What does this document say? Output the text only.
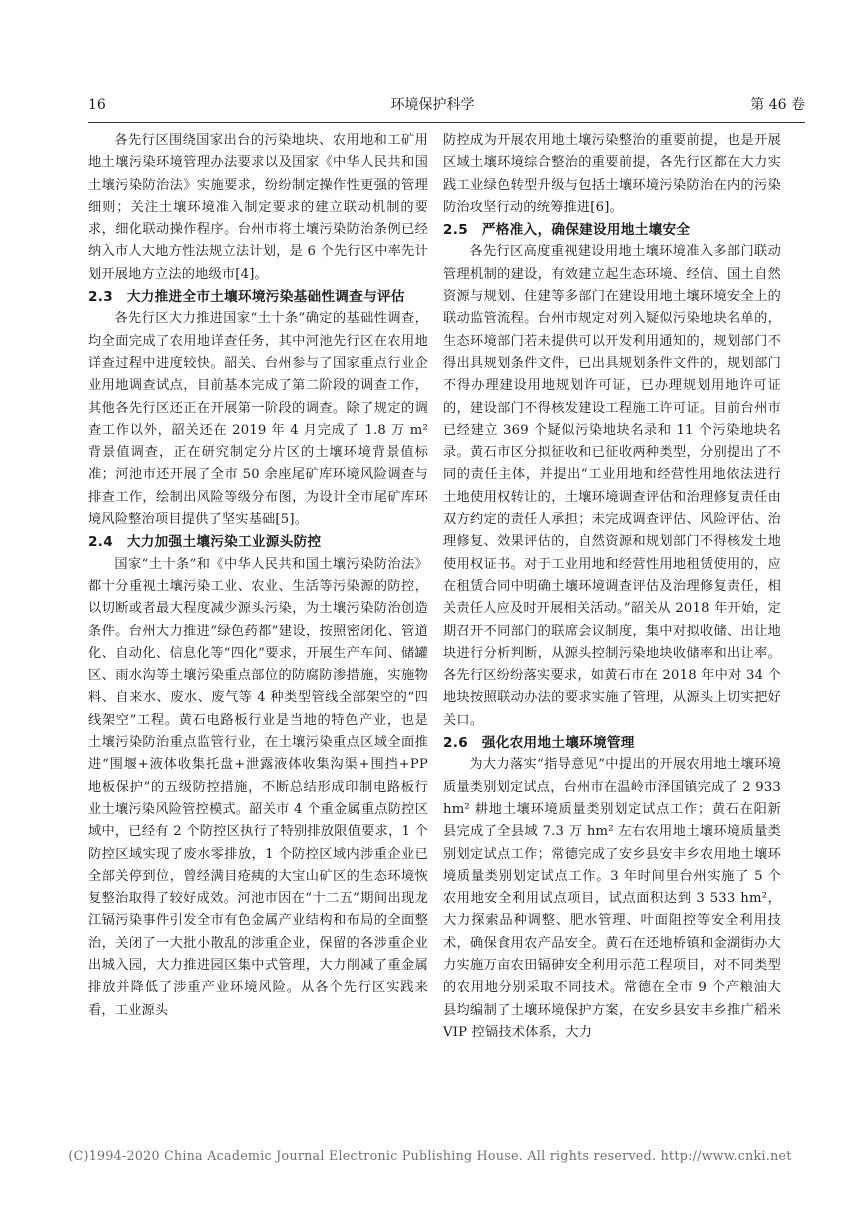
16	环境保护科学	第 46 卷

各先行区围绕国家出台的污染地块、农用地和工矿用地土壤污染环境管理办法要求以及国家《中华人民共和国土壤污染防治法》实施要求，纷纷制定操作性更强的管理细则；关注土壤环境准入制定要求的建立联动机制的要求，细化联动操作程序。台州市将土壤污染防治条例已经纳入市人大地方性法规立法计划，是 6 个先行区中率先计划开展地方立法的地级市[4]。

2.3　大力推进全市土壤环境污染基础性调查与评估

各先行区大力推进国家“土十条”确定的基础性调查，均全面完成了农用地详查任务，其中河池先行区在农用地详查过程中进度较快。韶关、台州参与了国家重点行业企业用地调查试点，目前基本完成了第二阶段的调查工作，其他各先行区还正在开展第一阶段的调查。除了规定的调查工作以外，韶关还在 2019 年 4 月完成了 1.8 万 m² 背景值调查，正在研究制定分片区的土壤环境背景值标准；河池市还开展了全市 50 余座尾矿库环境风险调查与排查工作，绘制出风险等级分布图，为设计全市尾矿库环境风险整治项目提供了坚实基础[5]。

2.4　大力加强土壤污染工业源头防控

国家“土十条”和《中华人民共和国土壤污染防治法》都十分重视土壤污染工业、农业、生活等污染源的防控，以切断或者最大程度减少源头污染，为土壤污染防治创造条件。台州大力推进“绿色药都”建设，按照密闭化、管道化、自动化、信息化等“四化”要求，开展生产车间、储罐区、雨水沟等土壤污染重点部位的防腐防渗措施，实施物料、自来水、废水、废气等 4 种类型管线全部架空的“四线架空”工程。黄石电路板行业是当地的特色产业，也是土壤污染防治重点监管行业，在土壤污染重点区域全面推进“围堰+液体收集托盘+泄露液体收集沟渠+围挡+PP 地板保护”的五级防控措施，不断总结形成印制电路板行业土壤污染风险管控模式。韶关市 4 个重金属重点防控区域中，已经有 2 个防控区执行了特别排放限值要求，1 个防控区域实现了废水零排放，1 个防控区域内涉重企业已全部关停到位，曾经满目疮痍的大宝山矿区的生态环境恢复整治取得了较好成效。河池市因在“十二五”期间出现龙江镉污染事件引发全市有色金属产业结构和布局的全面整治，关闭了一大批小散乱的涉重企业，保留的各涉重企业出城入园，大力推进园区集中式管理，大力削减了重金属排放并降低了涉重产业环境风险。从各个先行区实践来看，工业源头

防控成为开展农用地土壤污染整治的重要前提，也是开展区域土壤环境综合整治的重要前提，各先行区都在大力实践工业绿色转型升级与包括土壤环境污染防治在内的污染防治攻坚行动的统筹推进[6]。

2.5　严格准入，确保建设用地土壤安全

各先行区高度重视建设用地土壤环境准入多部门联动管理机制的建设，有效建立起生态环境、经信、国土自然资源与规划、住建等多部门在建设用地土壤环境安全上的联动监管流程。台州市规定对列入疑似污染地块名单的，生态环境部门若未提供可以开发利用通知的，规划部门不得出具规划条件文件，已出具规划条件文件的，规划部门不得办理建设用地规划许可证，已办理规划用地许可证的，建设部门不得核发建设工程施工许可证。目前台州市已经建立 369 个疑似污染地块名录和 11 个污染地块名录。黄石市区分拟征收和已征收两种类型，分别提出了不同的责任主体，并提出“工业用地和经营性用地依法进行土地使用权转让的，土壤环境调查评估和治理修复责任由双方约定的责任人承担；未完成调查评估、风险评估、治理修复、效果评估的，自然资源和规划部门不得核发土地使用权证书。对于工业用地和经营性用地租赁使用的，应在租赁合同中明确土壤环境调查评估及治理修复责任，相关责任人应及时开展相关活动。”韶关从 2018 年开始，定期召开不同部门的联席会议制度，集中对拟收储、出让地块进行分析判断，从源头控制污染地块收储率和出让率。各先行区纷纷落实要求，如黄石市在 2018 年中对 34 个地块按照联动办法的要求实施了管理，从源头上切实把好关口。

2.6　强化农用地土壤环境管理

为大力落实“指导意见”中提出的开展农用地土壤环境质量类别划定试点，台州市在温岭市泽国镇完成了 2 933 hm² 耕地土壤环境质量类别划定试点工作；黄石在阳新县完成了全县域 7.3 万 hm² 左右农用地土壤环境质量类别划定试点工作；常德完成了安乡县安丰乡农用地土壤环境质量类别划定试点工作。3 年时间里台州实施了 5 个农用地安全利用试点项目，试点面积达到 3 533 hm²，大力探索品种调整、肥水管理、叶面阻控等安全利用技术，确保食用农产品安全。黄石在还地桥镇和金湖街办大力实施万亩农田镉砷安全利用示范工程项目，对不同类型的农用地分别采取不同技术。常德在全市 9 个产粮油大县均编制了土壤环境保护方案，在安乡县安丰乡推广稻米 VIP 控镉技术体系，大力

(C)1994-2020 China Academic Journal Electronic Publishing House. All rights reserved. http://www.cnki.net
